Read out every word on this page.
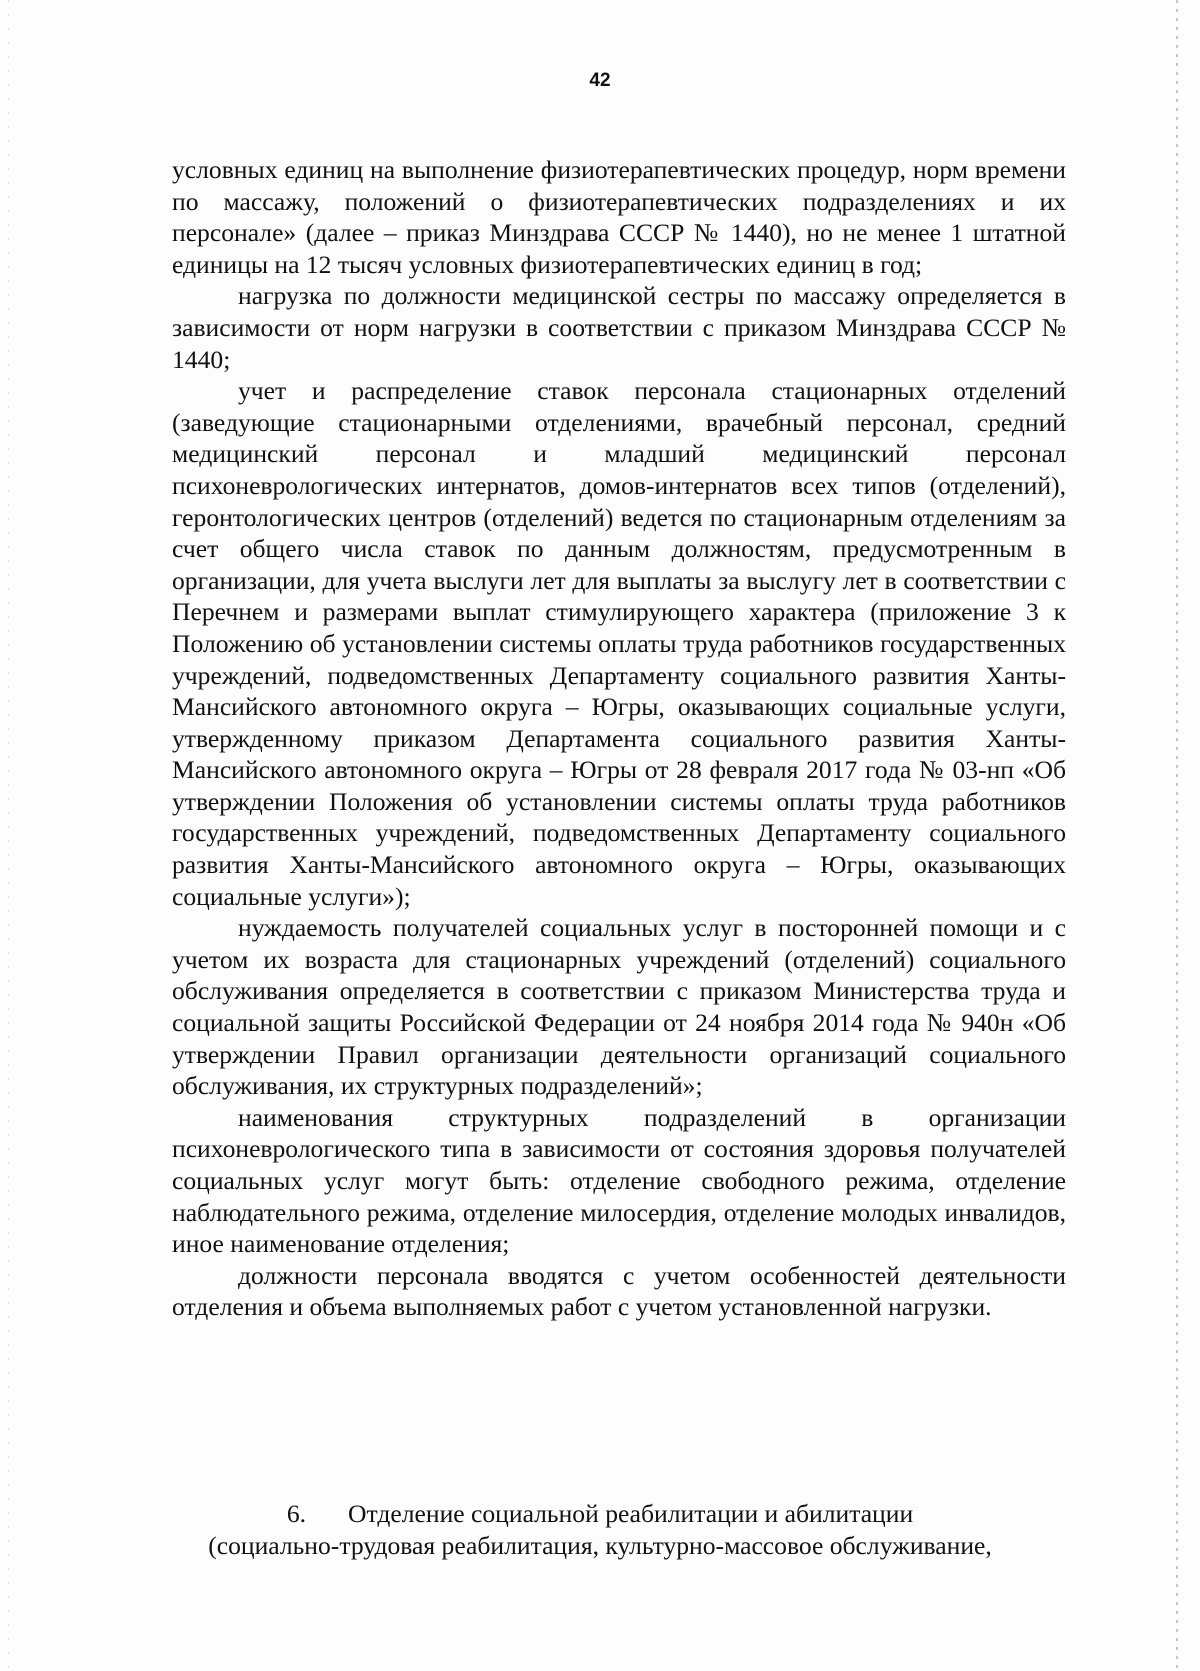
42

условных единиц на выполнение физиотерапевтических процедур, норм времени по массажу, положений о физиотерапевтических подразделениях и их персонале» (далее – приказ Минздрава СССР № 1440), но не менее 1 штатной единицы на 12 тысяч условных физиотерапевтических единиц в год;

нагрузка по должности медицинской сестры по массажу определяется в зависимости от норм нагрузки в соответствии с приказом Минздрава СССР № 1440;

учет и распределение ставок персонала стационарных отделений (заведующие стационарными отделениями, врачебный персонал, средний медицинский персонал и младший медицинский персонал психоневрологических интернатов, домов-интернатов всех типов (отделений), геронтологических центров (отделений) ведется по стационарным отделениям за счет общего числа ставок по данным должностям, предусмотренным в организации, для учета выслуги лет для выплаты за выслугу лет в соответствии с Перечнем и размерами выплат стимулирующего характера (приложение 3 к Положению об установлении системы оплаты труда работников государственных учреждений, подведомственных Департаменту социального развития Ханты-Мансийского автономного округа – Югры, оказывающих социальные услуги, утвержденному приказом Департамента социального развития Ханты-Мансийского автономного округа – Югры от 28 февраля 2017 года № 03-нп «Об утверждении Положения об установлении системы оплаты труда работников государственных учреждений, подведомственных Департаменту социального развития Ханты-Мансийского автономного округа – Югры, оказывающих социальные услуги»);

нуждаемость получателей социальных услуг в посторонней помощи и с учетом их возраста для стационарных учреждений (отделений) социального обслуживания определяется в соответствии с приказом Министерства труда и социальной защиты Российской Федерации от 24 ноября 2014 года № 940н «Об утверждении Правил организации деятельности организаций социального обслуживания, их структурных подразделений»;

наименования структурных подразделений в организации психоневрологического типа в зависимости от состояния здоровья получателей социальных услуг могут быть: отделение свободного режима, отделение наблюдательного режима, отделение милосердия, отделение молодых инвалидов, иное наименование отделения;

должности персонала вводятся с учетом особенностей деятельности отделения и объема выполняемых работ с учетом установленной нагрузки.

6. Отделение социальной реабилитации и абилитации
(социально-трудовая реабилитация, культурно-массовое обслуживание,
